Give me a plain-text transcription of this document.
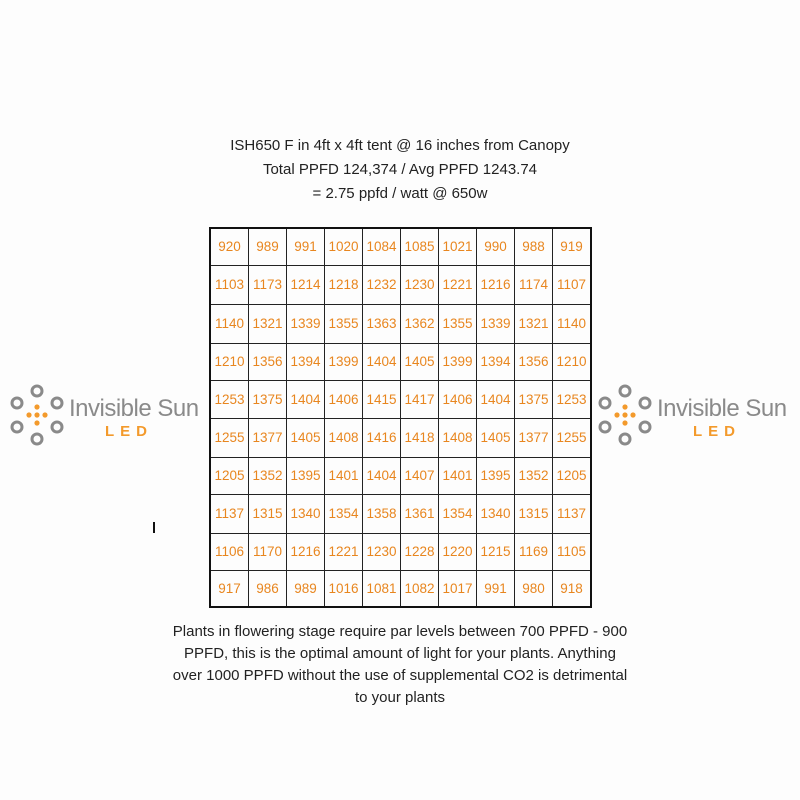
ISH650 F in 4ft x 4ft tent @ 16 inches from Canopy
Total PPFD 124,374 / Avg PPFD 1243.74
= 2.75 ppfd / watt @ 650w
Invisible Sun
LED
Invisible Sun
LED
920	989	991	1020	1084	1085	1021	990	988	919
1103	1173	1214	1218	1232	1230	1221	1216	1174	1107
1140	1321	1339	1355	1363	1362	1355	1339	1321	1140
1210	1356	1394	1399	1404	1405	1399	1394	1356	1210
1253	1375	1404	1406	1415	1417	1406	1404	1375	1253
1255	1377	1405	1408	1416	1418	1408	1405	1377	1255
1205	1352	1395	1401	1404	1407	1401	1395	1352	1205
1137	1315	1340	1354	1358	1361	1354	1340	1315	1137
1106	1170	1216	1221	1230	1228	1220	1215	1169	1105
917	986	989	1016	1081	1082	1017	991	980	918
Plants in flowering stage require par levels between 700 PPFD - 900 PPFD, this is the optimal amount of light for your plants. Anything over 1000 PPFD without the use of supplemental CO2 is detrimental to your plants
